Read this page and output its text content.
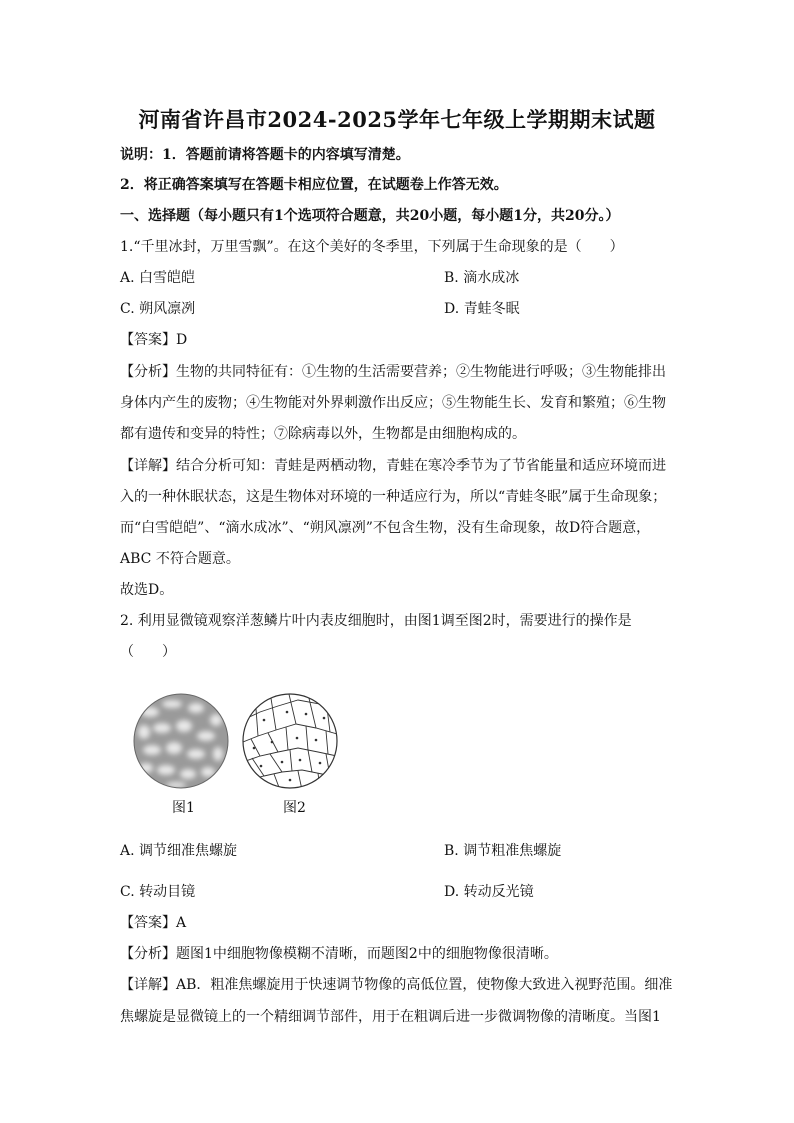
河南省许昌市2024-2025学年七年级上学期期末试题
说明：1．答题前请将答题卡的内容填写清楚。
2．将正确答案填写在答题卡相应位置，在试题卷上作答无效。
一、选择题（每小题只有1个选项符合题意，共20小题，每小题1分，共20分。）
1.“千里冰封，万里雪飘”。在这个美好的冬季里，下列属于生命现象的是（　　）
A. 白雪皑皑	B. 滴水成冰
C. 朔风凛冽	D. 青蛙冬眠
【答案】D
【分析】生物的共同特征有：①生物的生活需要营养；②生物能进行呼吸；③生物能排出
身体内产生的废物；④生物能对外界刺激作出反应；⑤生物能生长、发育和繁殖；⑥生物
都有遗传和变异的特性；⑦除病毒以外，生物都是由细胞构成的。
【详解】结合分析可知：青蛙是两栖动物，青蛙在寒冷季节为了节省能量和适应环境而进
入的一种休眠状态，这是生物体对环境的一种适应行为，所以“青蛙冬眠”属于生命现象；
而“白雪皑皑”、“滴水成冰”、“朔风凛冽”不包含生物，没有生命现象，故D符合题意，
ABC 不符合题意。
故选D。
2. 利用显微镜观察洋葱鳞片叶内表皮细胞时，由图1调至图2时，需要进行的操作是
（　　）
图1	图2
A. 调节细准焦螺旋	B. 调节粗准焦螺旋
C. 转动目镜	D. 转动反光镜
【答案】A
【分析】题图1中细胞物像模糊不清晰，而题图2中的细胞物像很清晰。
【详解】AB．粗准焦螺旋用于快速调节物像的高低位置，使物像大致进入视野范围。细准
焦螺旋是显微镜上的一个精细调节部件，用于在粗调后进一步微调物像的清晰度。当图1
